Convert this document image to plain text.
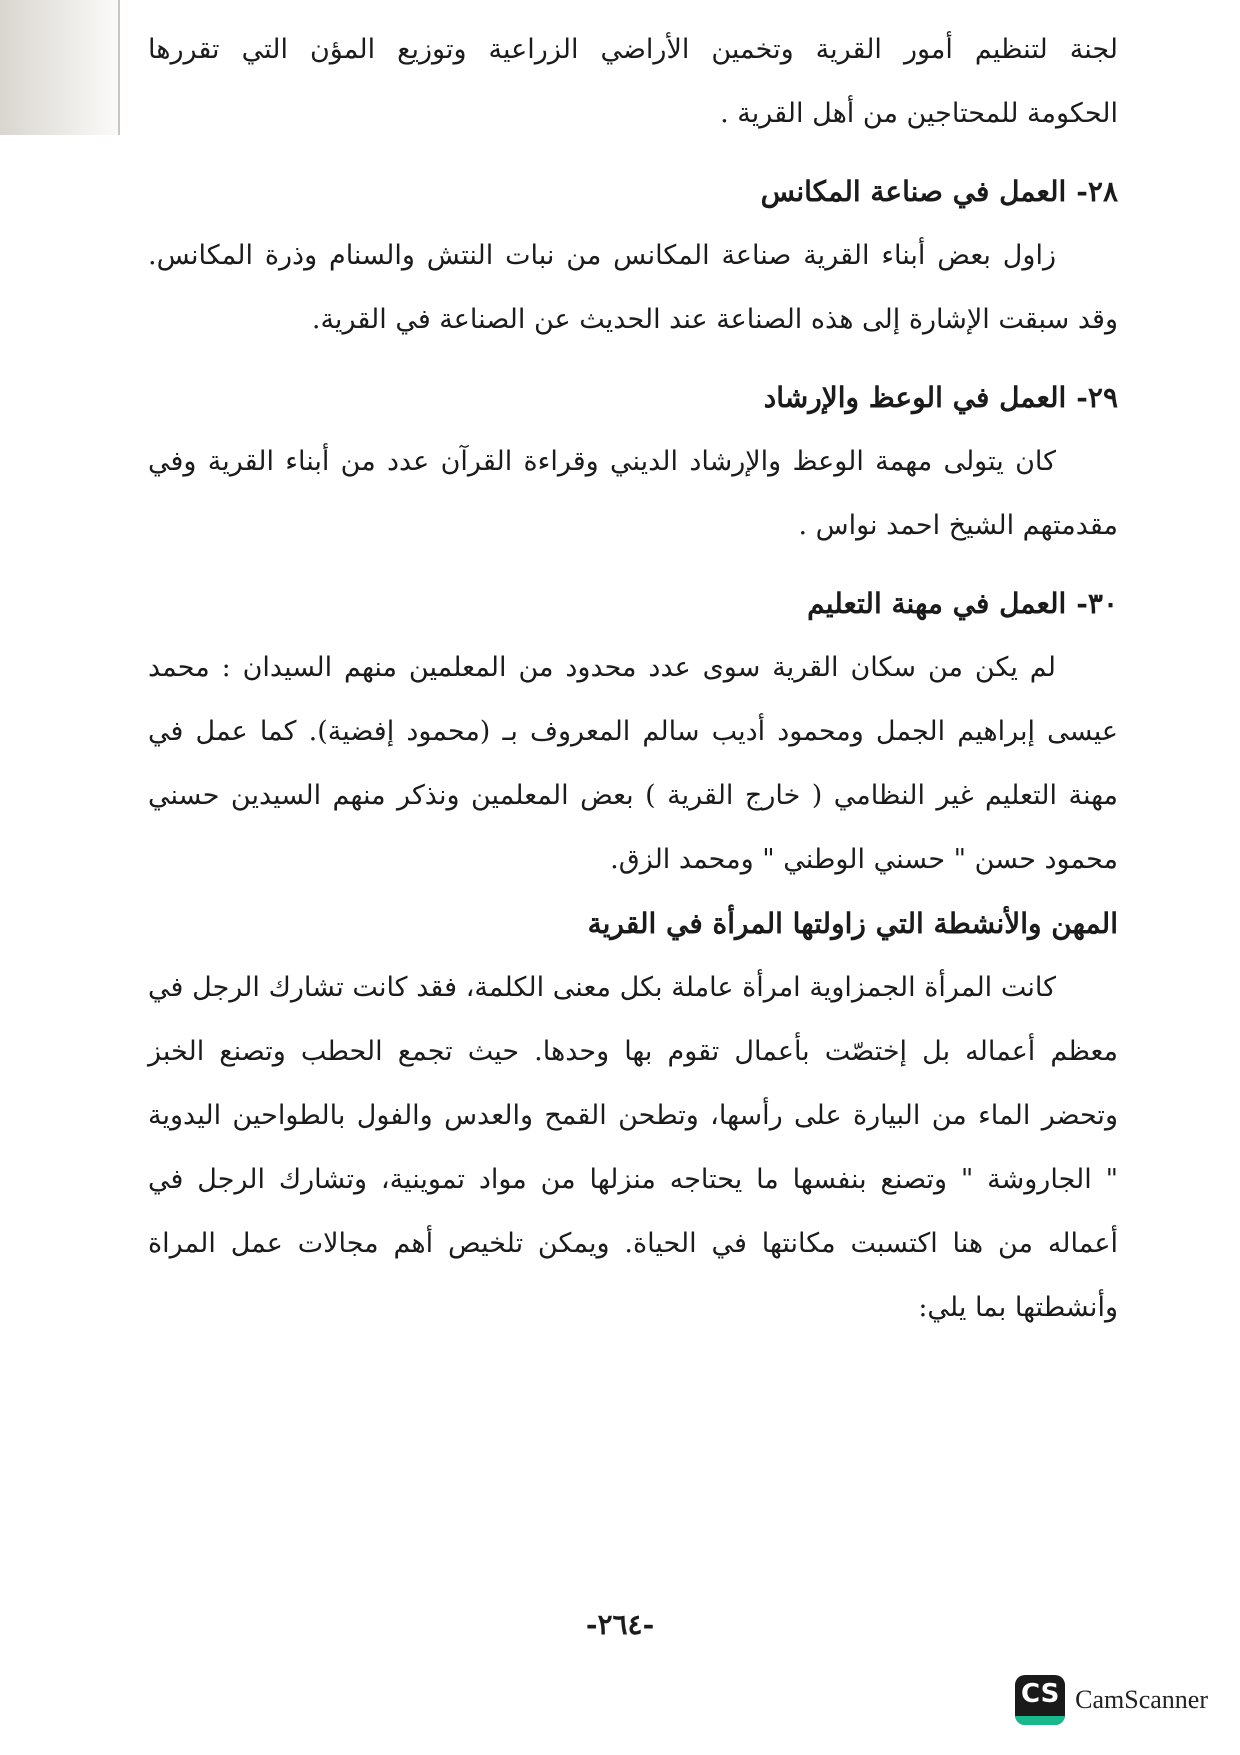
لجنة لتنظيم أمور القرية وتخمين الأراضي الزراعية وتوزيع المؤن التي تقررها
الحكومة للمحتاجين من أهل القرية .
٢٨-العمل في صناعة المكانس
زاول بعض أبناء القرية صناعة المكانس من نبات النتش والسنام وذرة المكانس.
وقد سبقت الإشارة إلى هذه الصناعة عند الحديث عن الصناعة في القرية.
٢٩-العمل في الوعظ والإرشاد
كان يتولى مهمة الوعظ والإرشاد الديني وقراءة القرآن عدد من أبناء القرية وفي
مقدمتهم الشيخ احمد نواس .
٣٠-العمل في مهنة التعليم
لم يكن من سكان القرية سوى عدد محدود من المعلمين منهم السيدان : محمد
عيسى إبراهيم الجمل ومحمود أديب سالم المعروف بـ (محمود إفضية). كما عمل في
مهنة التعليم غير النظامي ( خارج القرية ) بعض المعلمين ونذكر منهم السيدين حسني
محمود حسن " حسني الوطني " ومحمد الزق.
المهن والأنشطة التي زاولتها المرأة في القرية
كانت المرأة الجمزاوية امرأة عاملة بكل معنى الكلمة، فقد كانت تشارك الرجل في
معظم أعماله بل إختصّت بأعمال تقوم بها وحدها. حيث تجمع الحطب وتصنع الخبز
وتحضر الماء من البيارة على رأسها، وتطحن القمح والعدس والفول بالطواحين اليدوية
" الجاروشة " وتصنع بنفسها ما يحتاجه منزلها من مواد تموينية، وتشارك الرجل في
أعماله من هنا اكتسبت مكانتها في الحياة. ويمكن تلخيص أهم مجالات عمل المراة
وأنشطتها بما يلي:
-٢٦٤-
CS CamScanner
